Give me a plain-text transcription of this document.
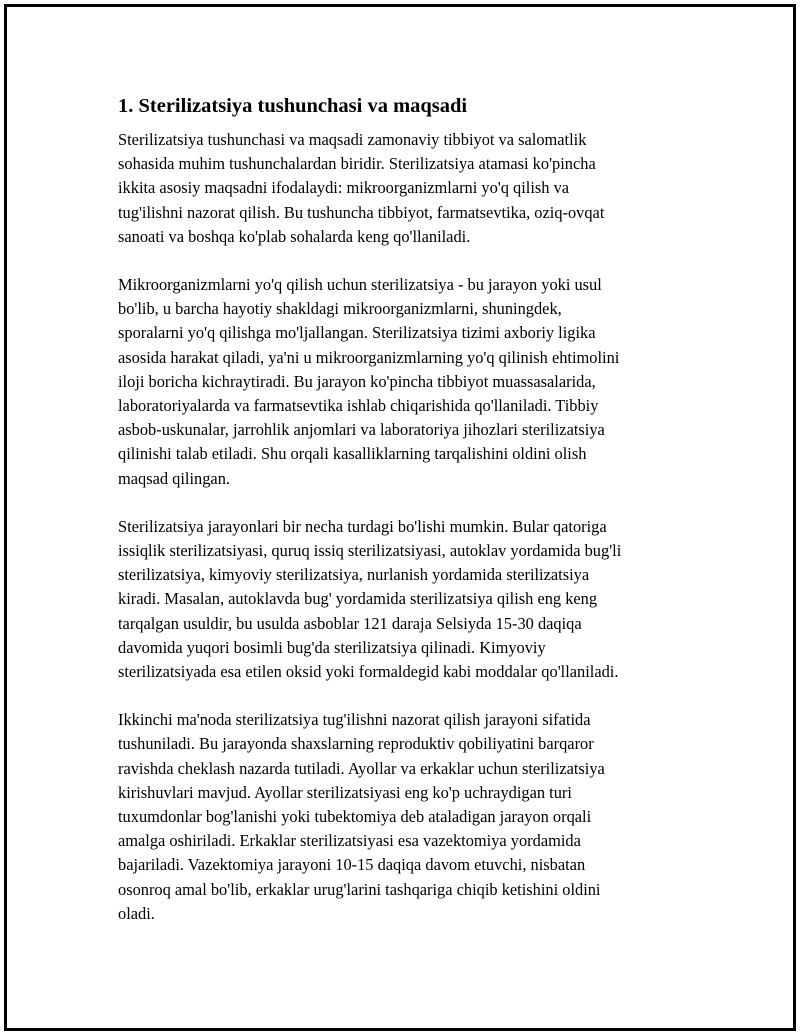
1. Sterilizatsiya tushunchasi va maqsadi

Sterilizatsiya tushunchasi va maqsadi zamonaviy tibbiyot va salomatlik
sohasida muhim tushunchalardan biridir. Sterilizatsiya atamasi ko'pincha
ikkita asosiy maqsadni ifodalaydi: mikroorganizmlarni yo'q qilish va
tug'ilishni nazorat qilish. Bu tushuncha tibbiyot, farmatsevtika, oziq-ovqat
sanoati va boshqa ko'plab sohalarda keng qo'llaniladi.

Mikroorganizmlarni yo'q qilish uchun sterilizatsiya - bu jarayon yoki usul
bo'lib, u barcha hayotiy shakldagi mikroorganizmlarni, shuningdek,
sporalarni yo'q qilishga mo'ljallangan. Sterilizatsiya tizimi axboriy ligika
asosida harakat qiladi, ya'ni u mikroorganizmlarning yo'q qilinish ehtimolini
iloji boricha kichraytiradi. Bu jarayon ko'pincha tibbiyot muassasalarida,
laboratoriyalarda va farmatsevtika ishlab chiqarishida qo'llaniladi. Tibbiy
asbob-uskunalar, jarrohlik anjomlari va laboratoriya jihozlari sterilizatsiya
qilinishi talab etiladi. Shu orqali kasalliklarning tarqalishini oldini olish
maqsad qilingan.

Sterilizatsiya jarayonlari bir necha turdagi bo'lishi mumkin. Bular qatoriga
issiqlik sterilizatsiyasi, quruq issiq sterilizatsiyasi, autoklav yordamida bug'li
sterilizatsiya, kimyoviy sterilizatsiya, nurlanish yordamida sterilizatsiya
kiradi. Masalan, autoklavda bug' yordamida sterilizatsiya qilish eng keng
tarqalgan usuldir, bu usulda asboblar 121 daraja Selsiyda 15-30 daqiqa
davomida yuqori bosimli bug'da sterilizatsiya qilinadi. Kimyoviy
sterilizatsiyada esa etilen oksid yoki formaldegid kabi moddalar qo'llaniladi.

Ikkinchi ma'noda sterilizatsiya tug'ilishni nazorat qilish jarayoni sifatida
tushuniladi. Bu jarayonda shaxslarning reproduktiv qobiliyatini barqaror
ravishda cheklash nazarda tutiladi. Ayollar va erkaklar uchun sterilizatsiya
kirishuvlari mavjud. Ayollar sterilizatsiyasi eng ko'p uchraydigan turi
tuxumdonlar bog'lanishi yoki tubektomiya deb ataladigan jarayon orqali
amalga oshiriladi. Erkaklar sterilizatsiyasi esa vazektomiya yordamida
bajariladi. Vazektomiya jarayoni 10-15 daqiqa davom etuvchi, nisbatan
osonroq amal bo'lib, erkaklar urug'larini tashqariga chiqib ketishini oldini
oladi.
